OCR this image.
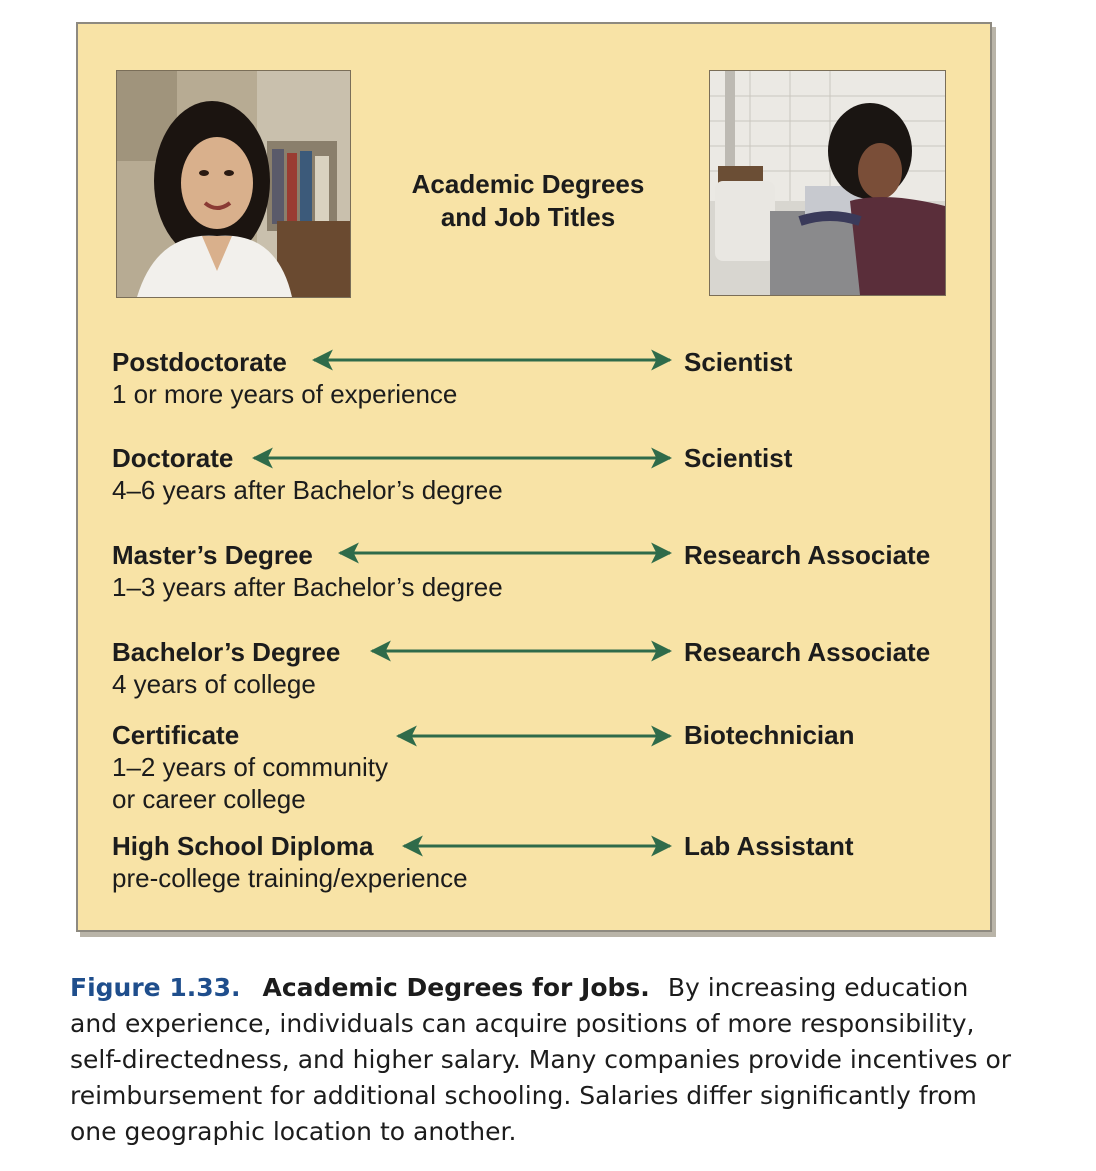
Academic Degrees
and Job Titles
Postdoctorate
1 or more years of experience
Scientist
Doctorate
4–6 years after Bachelor’s degree
Scientist
Master’s Degree
1–3 years after Bachelor’s degree
Research Associate
Bachelor’s Degree
4 years of college
Research Associate
Certificate
1–2 years of community
or career college
Biotechnician
High School Diploma
pre-college training/experience
Lab Assistant
Figure 1.33. Academic Degrees for Jobs. By increasing education and experience, individuals can acquire positions of more responsibility, self-directedness, and higher salary. Many companies provide incentives or reimbursement for additional schooling. Salaries differ significantly from one geographic location to another.
